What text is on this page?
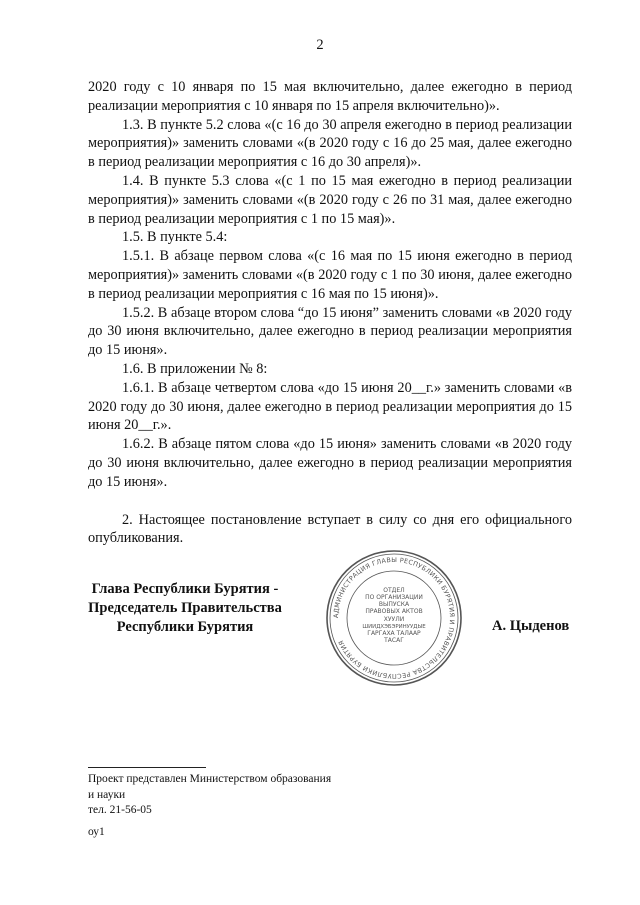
2

2020 году с 10 января по 15 мая включительно, далее ежегодно в период реализации мероприятия с 10 января по 15 апреля включительно)».

1.3. В пункте 5.2 слова «(с 16 до 30 апреля ежегодно в период реализации мероприятия)» заменить словами «(в 2020 году с 16 до 25 мая, далее ежегодно в период реализации мероприятия с 16 до 30 апреля)».

1.4. В пункте 5.3 слова «(с 1 по 15 мая ежегодно в период реализации мероприятия)» заменить словами «(в 2020 году с 26 по 31 мая, далее ежегодно в период реализации мероприятия с 1 по 15 мая)».

1.5. В пункте 5.4:

1.5.1. В абзаце первом слова «(с 16 мая по 15 июня ежегодно в период мероприятия)» заменить словами «(в 2020 году с 1 по 30 июня, далее ежегодно в период реализации мероприятия с 16 мая по 15 июня)».

1.5.2. В абзаце втором слова “до 15 июня” заменить словами «в 2020 году до 30 июня включительно, далее ежегодно в период реализации мероприятия до 15 июня».

1.6. В приложении № 8:

1.6.1. В абзаце четвертом слова «до 15 июня 20__г.» заменить словами «в 2020 году до 30 июня, далее ежегодно в период реализации мероприятия до 15 июня 20__г.».

1.6.2. В абзаце пятом слова «до 15 июня» заменить словами «в 2020 году до 30 июня включительно, далее ежегодно в период реализации мероприятия до 15 июня».

2. Настоящее постановление вступает в силу со дня его официального опубликования.

Глава Республики Бурятия -
Председатель Правительства
Республики Бурятия
АДМИНИСТРАЦИЯ ГЛАВЫ РЕСПУБЛИКИ БУРЯТИЯ И ПРАВИТЕЛЬСТВА РЕСПУБЛИКИ БУРЯТИЯ
ОТДЕЛ
ПО ОРГАНИЗАЦИИ
ВЫПУСКА
ПРАВОВЫХ АКТОВ
ХУУЛИ
ШИИДХЭБЭРИНУУДЫЕ
ГАРГАХА ТАЛААР
ТАСАГ
А. Цыденов
Проект представлен Министерством образования
и науки
тел. 21-56-05
оу1
